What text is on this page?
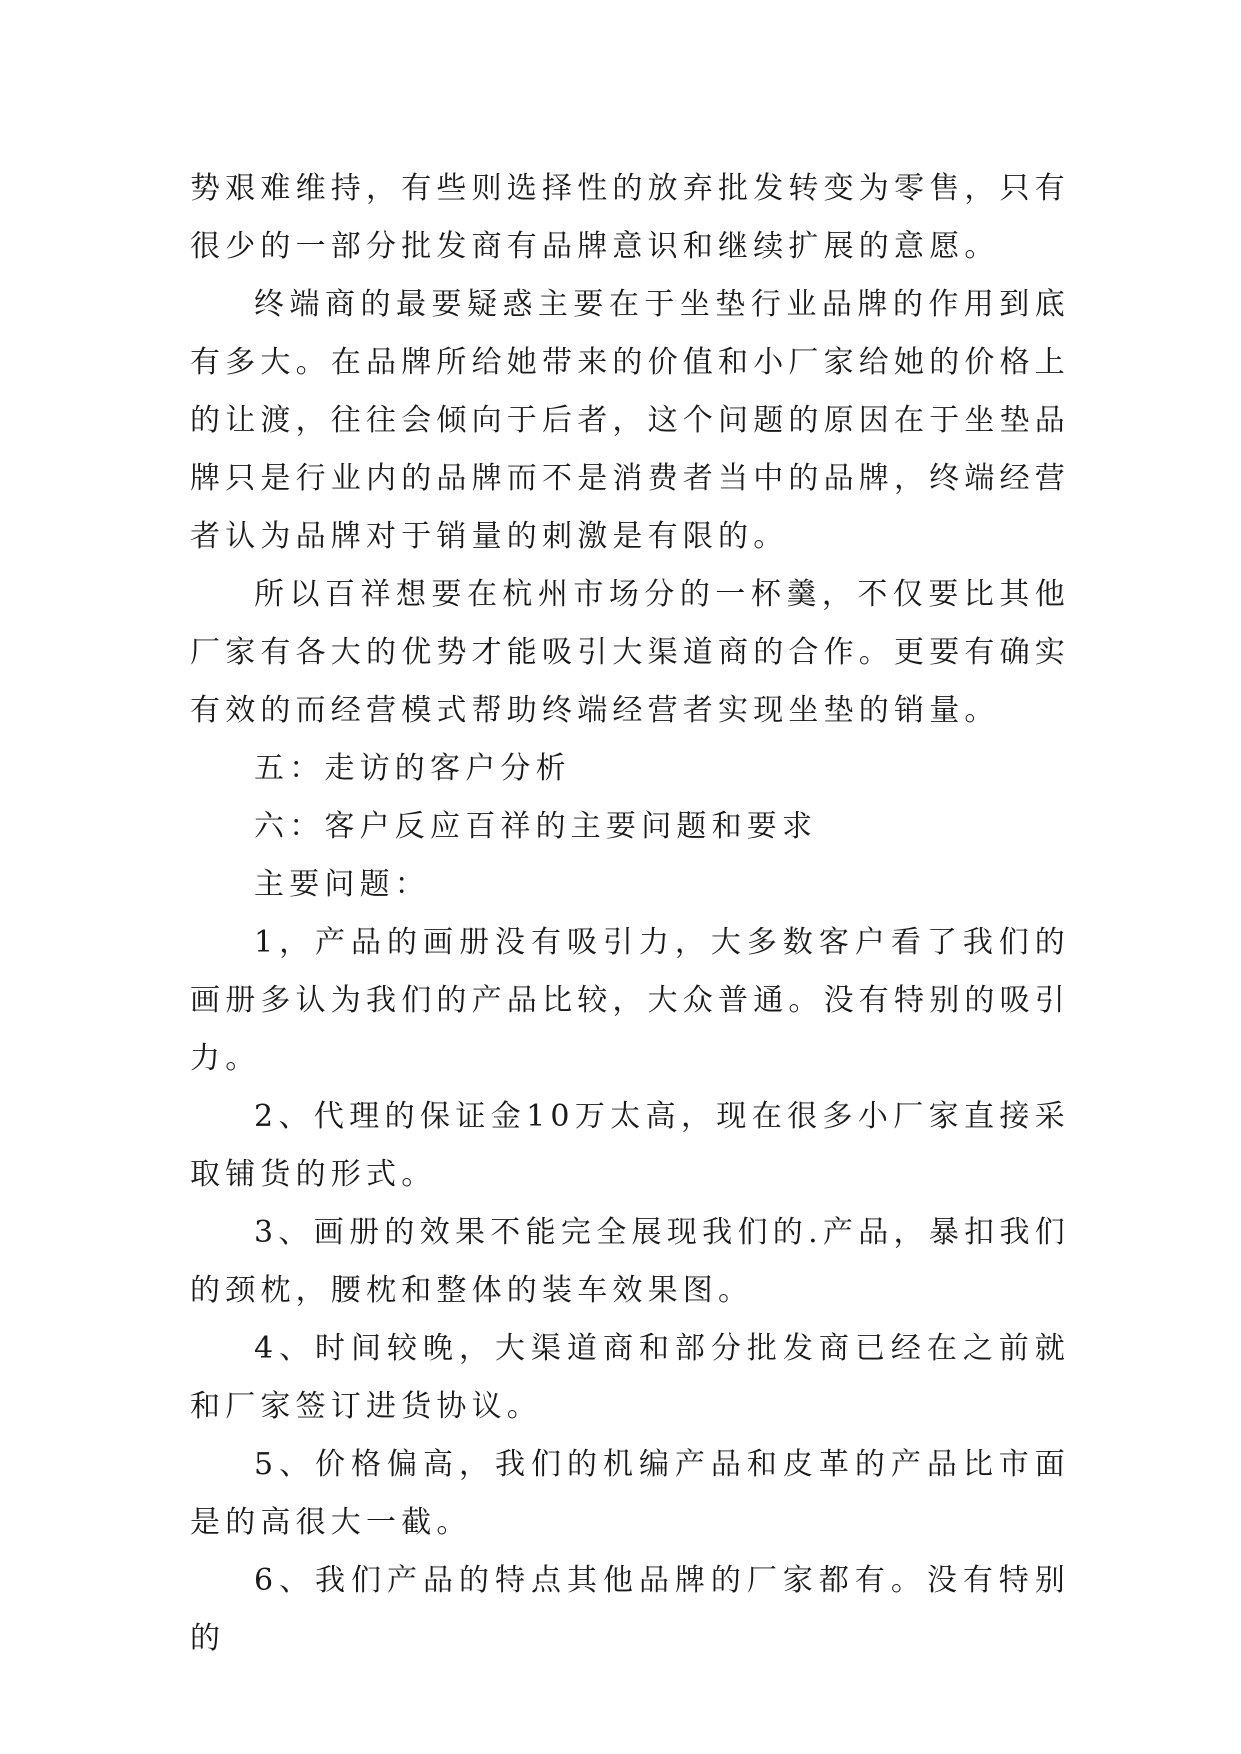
势艰难维持，有些则选择性的放弃批发转变为零售，只有很少的一部分批发商有品牌意识和继续扩展的意愿。

终端商的最要疑惑主要在于坐垫行业品牌的作用到底有多大。在品牌所给她带来的价值和小厂家给她的价格上的让渡，往往会倾向于后者，这个问题的原因在于坐垫品牌只是行业内的品牌而不是消费者当中的品牌，终端经营者认为品牌对于销量的刺激是有限的。

所以百祥想要在杭州市场分的一杯羹，不仅要比其他厂家有各大的优势才能吸引大渠道商的合作。更要有确实有效的而经营模式帮助终端经营者实现坐垫的销量。

五：走访的客户分析

六：客户反应百祥的主要问题和要求

主要问题：

1，产品的画册没有吸引力，大多数客户看了我们的画册多认为我们的产品比较，大众普通。没有特别的吸引力。

2、代理的保证金10万太高，现在很多小厂家直接采取铺货的形式。

3、画册的效果不能完全展现我们的.产品，暴扣我们的颈枕，腰枕和整体的装车效果图。

4、时间较晚，大渠道商和部分批发商已经在之前就和厂家签订进货协议。

5、价格偏高，我们的机编产品和皮革的产品比市面是的高很大一截。

6、我们产品的特点其他品牌的厂家都有。没有特别的
